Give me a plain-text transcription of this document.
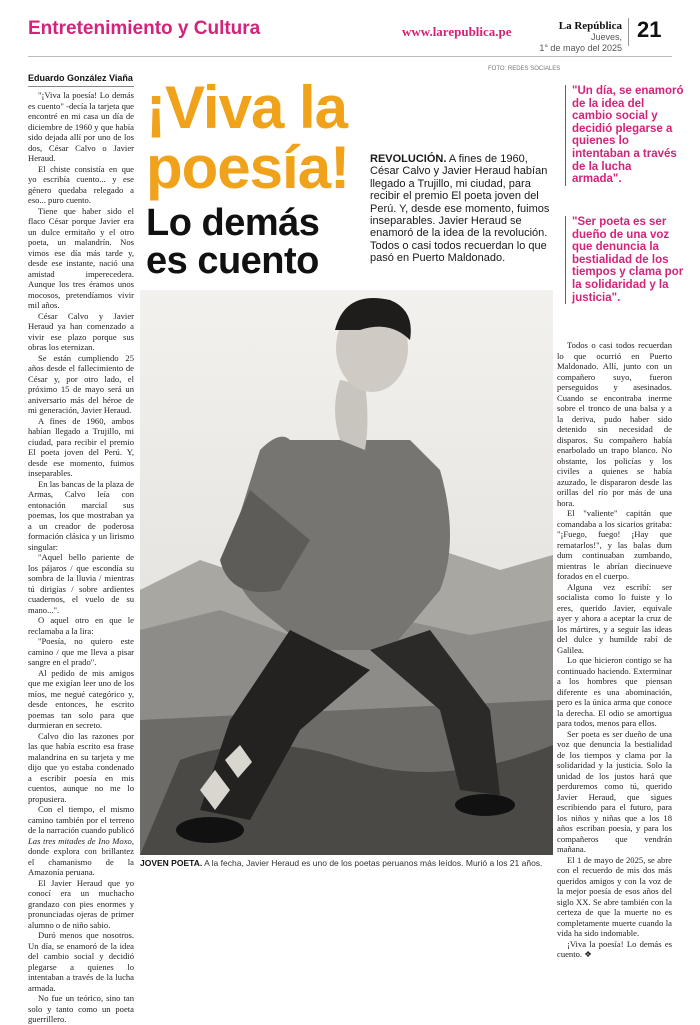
Entretenimiento y Cultura	www.larepublica.pe	La República
Jueves,
1° de mayo del 2025
21
Eduardo González Viaña

"¡Viva la poesía! Lo demás es cuento" -decía la tarjeta que encontré en mi casa un día de diciembre de 1960 y que había sido dejada allí por uno de los dos, César Calvo o Javier Heraud.

El chiste consistía en que yo escribía cuento... y ese género quedaba relegado a eso... puro cuento.

Tiene que haber sido el flaco César porque Javier era un dulce ermitaño y el otro poeta, un malandrín. Nos vimos ese día más tarde y, desde ese instante, nació una amistad imperecedera. Aunque los tres éramos unos mocosos, pretendíamos vivir mil años.

César Calvo y Javier Heraud ya han comenzado a vivir ese plazo porque sus obras los eternizan.

Se están cumpliendo 25 años desde el fallecimiento de César y, por otro lado, el próximo 15 de mayo será un aniversario más del héroe de mi generación, Javier Heraud.

A fines de 1960, ambos habían llegado a Trujillo, mi ciudad, para recibir el premio El poeta joven del Perú. Y, desde ese momento, fuimos inseparables.

En las bancas de la plaza de Armas, Calvo leía con entonación marcial sus poemas, los que mostraban ya a un creador de poderosa formación clásica y un lirismo singular:

"Aquel bello pariente de los pájaros / que escondía su sombra de la lluvia / mientras tú dirigías / sobre ardientes cuadernos, el vuelo de su mano...".

O aquel otro en que le reclamaba a la lira:

"Poesía, no quiero este camino / que me lleva a pisar sangre en el prado".

Al pedido de mis amigos que me exigían leer uno de los míos, me negué categórico y, desde entonces, he escrito poemas tan solo para que durmieran en secreto.

Calvo dio las razones por las que había escrito esa frase malandrina en su tarjeta y me dijo que yo estaba condenado a escribir poesía en mis cuentos, aunque no me lo propusiera.

Con el tiempo, el mismo camino también por el terreno de la narración cuando publicó Las tres mitades de Ino Moxo, donde explora con brillantez el chamanismo de la Amazonía peruana.

El Javier Heraud que yo conocí era un muchacho grandazo con pies enormes y pronunciadas ojeras de primer alumno o de niño sabio.

Duró menos que nosotros. Un día, se enamoró de la idea del cambio social y decidió plegarse a quienes lo intentaban a través de la lucha armada.

No fue un teórico, sino tan solo y tanto como un poeta guerrillero.

FOTO: REDES SOCIALES
JOVEN POETA. A la fecha, Javier Heraud es uno de los poetas peruanos más leídos. Murió a los 21 años.
¡Viva la
poesía!
Lo demás
es cuento
REVOLUCIÓN. A fines de 1960, César Calvo y Javier Heraud habían llegado a Trujillo, mi ciudad, para recibir el premio El poeta joven del Perú. Y, desde ese momento, fuimos inseparables. Javier Heraud se enamoró de la idea de la revolución. Todos o casi todos recuerdan lo que pasó en Puerto Maldonado.
"Un día, se enamoró de la idea del cambio social y decidió plegarse a quienes lo intentaban a través de la lucha armada".
"Ser poeta es ser dueño de una voz que denuncia la bestialidad de los tiempos y clama por la solidaridad y la justicia".

Todos o casi todos recuerdan lo que ocurrió en Puerto Maldonado. Allí, junto con un compañero suyo, fueron perseguidos y asesinados. Cuando se encontraba inerme sobre el tronco de una balsa y a la deriva, pudo haber sido detenido sin necesidad de disparos. Su compañero había enarbolado un trapo blanco. No obstante, los policías y los civiles a quienes se había azuzado, le dispararon desde las orillas del río por más de una hora.

El "valiente" capitán que comandaba a los sicarios gritaba: "¡Fuego, fuego! ¡Hay que rematarlos!", y las balas dum dum continuaban zumbando, mientras le abrían diecinueve forados en el cuerpo.

Alguna vez escribí: ser socialista como lo fuiste y lo eres, querido Javier, equivale ayer y ahora a aceptar la cruz de los mártires, y a seguir las ideas del dulce y humilde rabí de Galilea.

Lo que hicieron contigo se ha continuado haciendo. Exterminar a los hombres que piensan diferente es una abominación, pero es la única arma que conoce la derecha. El odio se amortigua para todos, menos para ellos.

Ser poeta es ser dueño de una voz que denuncia la bestialidad de los tiempos y clama por la solidaridad y la justicia. Solo la unidad de los justos hará que perduremos como tú, querido Javier Heraud, que sigues escribiendo para el futuro, para los niños y niñas que a los 18 años escriban poesía, y para los compañeros que vendrán mañana.

El 1 de mayo de 2025, se abre con el recuerdo de mis dos más queridos amigos y con la voz de la mejor poesía de esos años del siglo XX. Se abre también con la certeza de que la muerte no es completamente muerte cuando la vida ha sido indomable.

¡Viva la poesía! Lo demás es cuento. ❖
